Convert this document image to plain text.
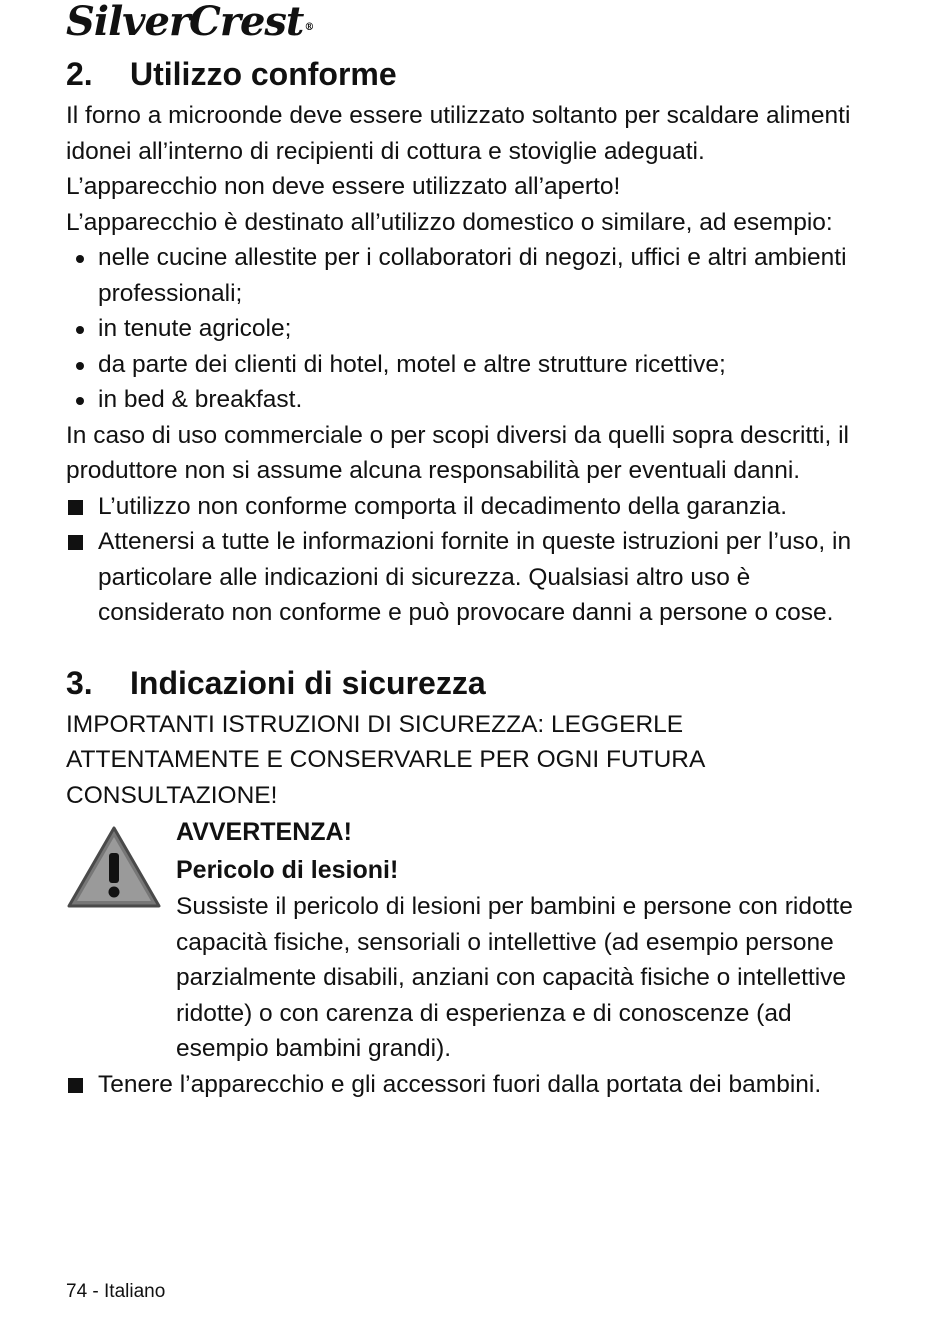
SilverCrest®
2. Utilizzo conforme

Il forno a microonde deve essere utilizzato soltanto per scaldare alimenti idonei all’interno di recipienti di cottura e stoviglie adeguati. L’apparecchio non deve essere utilizzato all’aperto!

L’apparecchio è destinato all’utilizzo domestico o similare, ad esempio:

nelle cucine allestite per i collaboratori di negozi, uffici e altri ambienti professionali;
in tenute agricole;
da parte dei clienti di hotel, motel e altre strutture ricettive;
in bed & breakfast.

In caso di uso commerciale o per scopi diversi da quelli sopra descritti, il produttore non si assume alcuna responsabilità per eventuali danni.

L’utilizzo non conforme comporta il decadimento della garanzia.
Attenersi a tutte le informazioni fornite in queste istruzioni per l’uso, in particolare alle indicazioni di sicurezza. Qualsiasi altro uso è considerato non conforme e può provocare danni a persone o cose.
3. Indicazioni di sicurezza

IMPORTANTI ISTRUZIONI DI SICUREZZA: LEGGERLE ATTENTAMENTE E CONSERVARLE PER OGNI FUTURA CONSULTAZIONE!

AVVERTENZA!
Pericolo di lesioni!

Sussiste il pericolo di lesioni per bambini e persone con ridotte capacità fisiche, sensoriali o intellettive (ad esempio persone parzialmente disabili, anziani con capacità fisiche o intellettive ridotte) o con carenza di esperienza e di conoscenze (ad esempio bambini grandi).

Tenere l’apparecchio e gli accessori fuori dalla portata dei bambini.
74 - Italiano
